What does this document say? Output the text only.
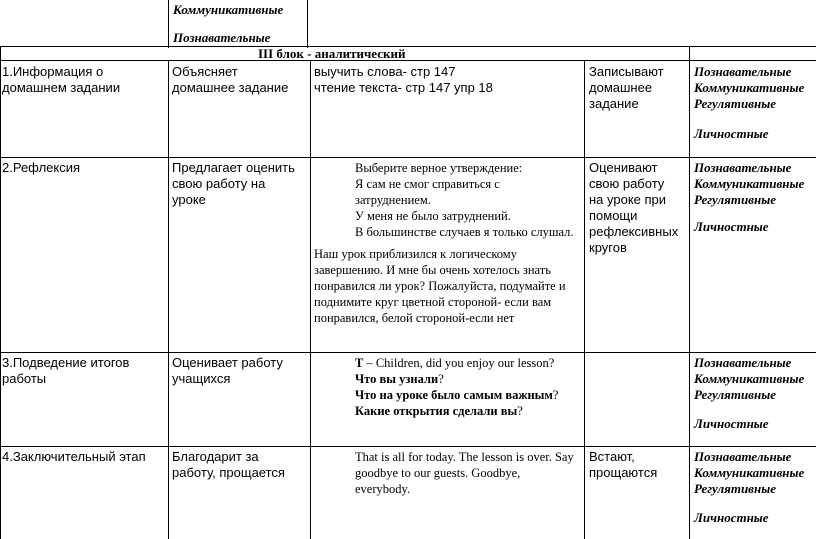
Коммуникативные
Познавательные
III блок - аналитический
1.Информация о
домашнем задании
Объясняет
домашнее задание
выучить слова- стр 147
чтение текста- стр 147 упр 18
Записывают
домашнее
задание
Познавательные
Коммуникативные
Регулятивные
Личностные
2.Рефлексия	Предлагает оценить
свою работу на
уроке
Выберите верное утверждение:
Я сам не смог справиться с
затруднением.
У меня не было затруднений.
В большинстве случаев я только слушал.
Наш урок приблизился к логическому
завершению. И мне бы очень хотелось знать
понравился ли урок? Пожалуйста, подумайте и
поднимите круг цветной стороной- если вам
понравился, белой стороной-если нет
Оценивают
свою работу
на уроке при
помощи
рефлексивных
кругов
Познавательные
Коммуникативные
Регулятивные
Личностные
3.Подведение итогов
работы
Оценивает работу
учащихся
T – Children, did you enjoy our lesson?
Что вы узнали?
Что на уроке было самым важным?
Какие открытия сделали вы?
Познавательные
Коммуникативные
Регулятивные
Личностные
4.Заключительный этап Благодарит за
работу, прощается
That is all for today. The lesson is over. Say
goodbye to our guests. Goodbye,
everybody.
Встают,
прощаются
Познавательные
Коммуникативные
Регулятивные
Личностные
